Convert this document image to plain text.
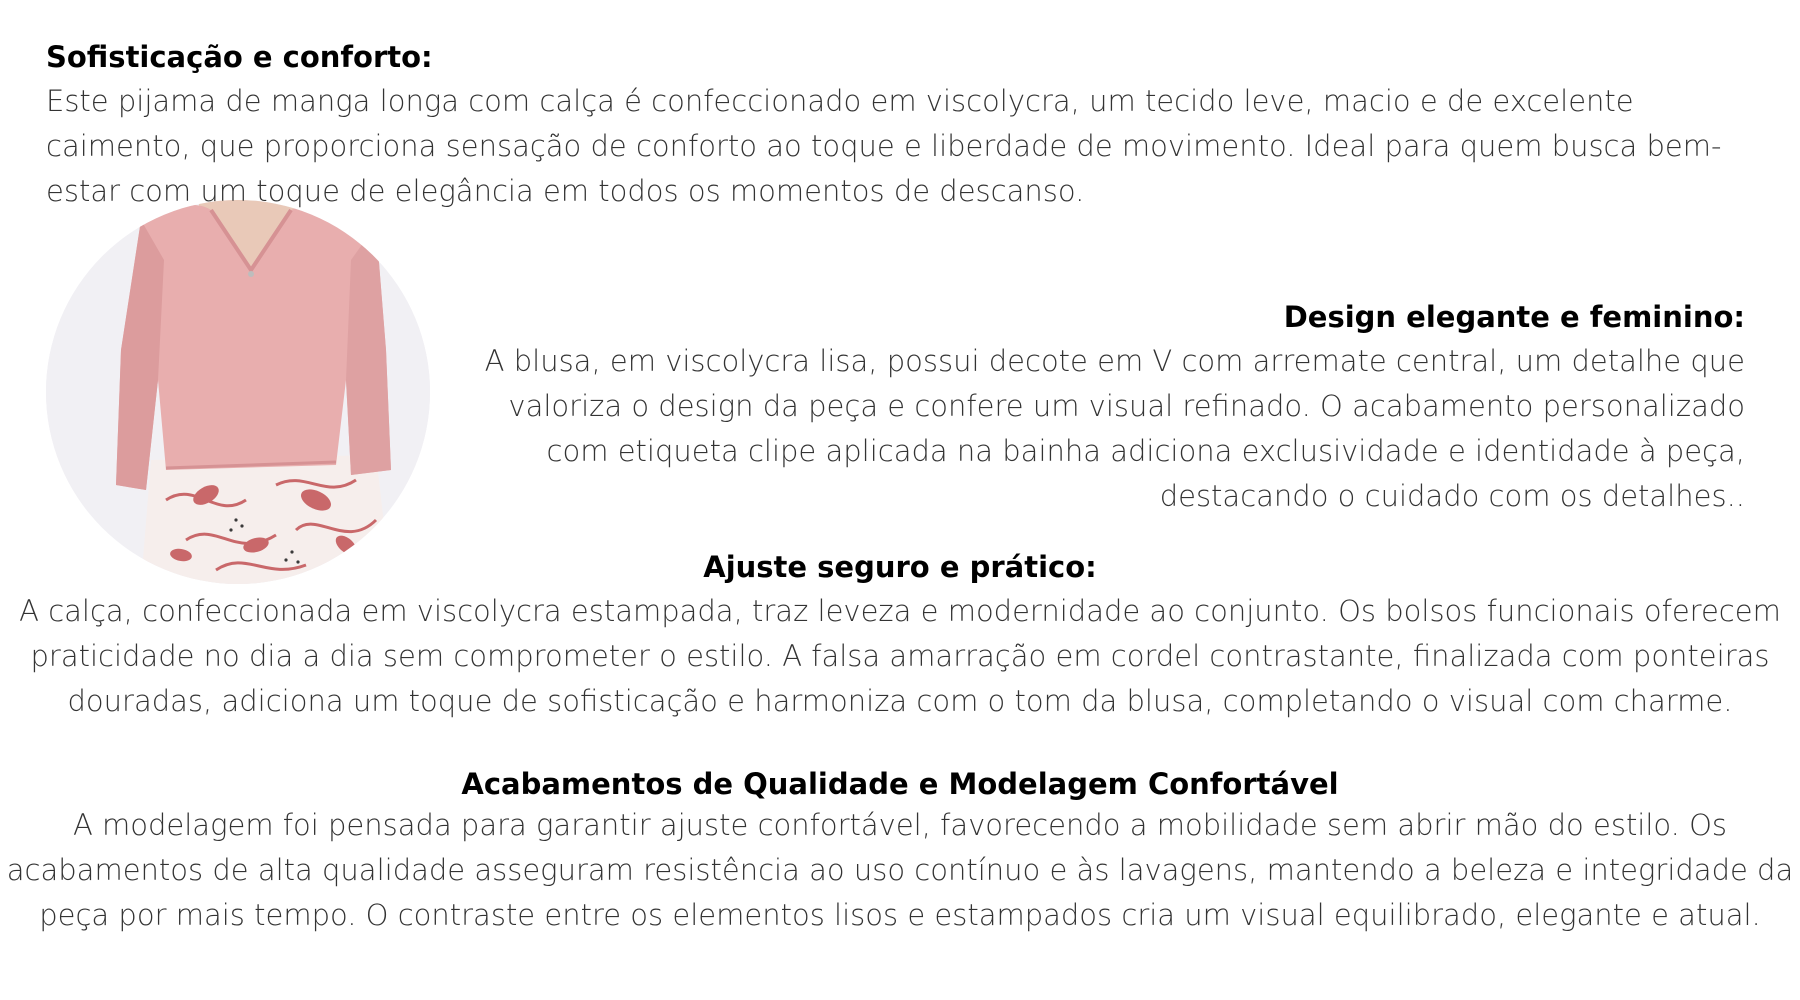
Sofisticação e conforto:

Este pijama de manga longa com calça é confeccionado em viscolycra, um tecido leve, macio e de excelente caimento, que proporciona sensação de conforto ao toque e liberdade de movimento. Ideal para quem busca bem-estar com um toque de elegância em todos os momentos de descanso.

Design elegante e feminino:

A blusa, em viscolycra lisa, possui decote em V com arremate central, um detalhe que valoriza o design da peça e confere um visual refinado. O acabamento personalizado com etiqueta clipe aplicada na bainha adiciona exclusividade e identidade à peça, destacando o cuidado com os detalhes..

Ajuste seguro e prático:

A calça, confeccionada em viscolycra estampada, traz leveza e modernidade ao conjunto. Os bolsos funcionais oferecem praticidade no dia a dia sem comprometer o estilo. A falsa amarração em cordel contrastante, finalizada com ponteiras douradas, adiciona um toque de sofisticação e harmoniza com o tom da blusa, completando o visual com charme.

Acabamentos de Qualidade e Modelagem Confortável

A modelagem foi pensada para garantir ajuste confortável, favorecendo a mobilidade sem abrir mão do estilo. Os acabamentos de alta qualidade asseguram resistência ao uso contínuo e às lavagens, mantendo a beleza e integridade da peça por mais tempo. O contraste entre os elementos lisos e estampados cria um visual equilibrado, elegante e atual.
